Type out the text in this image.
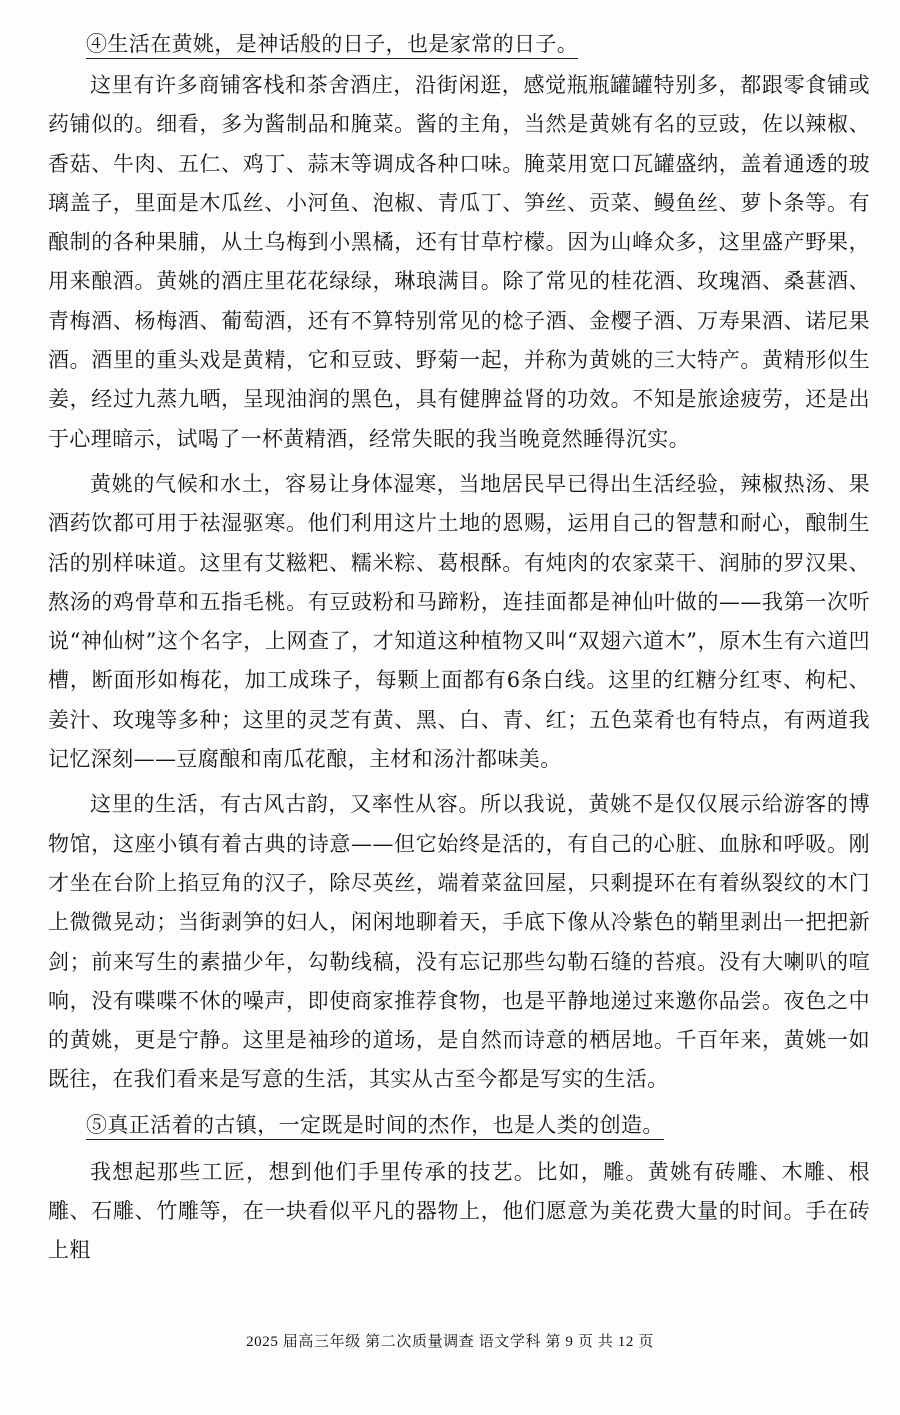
④生活在黄姚，是神话般的日子，也是家常的日子。

这里有许多商铺客栈和茶舍酒庄，沿街闲逛，感觉瓶瓶罐罐特别多，都跟零食铺或药铺似的。细看，多为酱制品和腌菜。酱的主角，当然是黄姚有名的豆豉，佐以辣椒、香菇、牛肉、五仁、鸡丁、蒜末等调成各种口味。腌菜用宽口瓦罐盛纳，盖着通透的玻璃盖子，里面是木瓜丝、小河鱼、泡椒、青瓜丁、笋丝、贡菜、鳗鱼丝、萝卜条等。有酿制的各种果脯，从土乌梅到小黑橘，还有甘草柠檬。因为山峰众多，这里盛产野果，用来酿酒。黄姚的酒庄里花花绿绿，琳琅满目。除了常见的桂花酒、玫瑰酒、桑葚酒、青梅酒、杨梅酒、葡萄酒，还有不算特别常见的棯子酒、金樱子酒、万寿果酒、诺尼果酒。酒里的重头戏是黄精，它和豆豉、野菊一起，并称为黄姚的三大特产。黄精形似生姜，经过九蒸九晒，呈现油润的黑色，具有健脾益肾的功效。不知是旅途疲劳，还是出于心理暗示，试喝了一杯黄精酒，经常失眠的我当晚竟然睡得沉实。

黄姚的气候和水土，容易让身体湿寒，当地居民早已得出生活经验，辣椒热汤、果酒药饮都可用于祛湿驱寒。他们利用这片土地的恩赐，运用自己的智慧和耐心，酿制生活的别样味道。这里有艾糍粑、糯米粽、葛根酥。有炖肉的农家菜干、润肺的罗汉果、熬汤的鸡骨草和五指毛桃。有豆豉粉和马蹄粉，连挂面都是神仙叶做的——我第一次听说“神仙树”这个名字，上网查了，才知道这种植物又叫“双翅六道木”，原木生有六道凹槽，断面形如梅花，加工成珠子，每颗上面都有6条白线。这里的红糖分红枣、枸杞、姜汁、玫瑰等多种；这里的灵芝有黄、黑、白、青、红；五色菜肴也有特点，有两道我记忆深刻——豆腐酿和南瓜花酿，主材和汤汁都味美。

这里的生活，有古风古韵，又率性从容。所以我说，黄姚不是仅仅展示给游客的博物馆，这座小镇有着古典的诗意——但它始终是活的，有自己的心脏、血脉和呼吸。刚才坐在台阶上掐豆角的汉子，除尽英丝，端着菜盆回屋，只剩提环在有着纵裂纹的木门上微微晃动；当街剥笋的妇人，闲闲地聊着天，手底下像从冷紫色的鞘里剥出一把把新剑；前来写生的素描少年，勾勒线稿，没有忘记那些勾勒石缝的苔痕。没有大喇叭的喧响，没有喋喋不休的噪声，即使商家推荐食物，也是平静地递过来邀你品尝。夜色之中的黄姚，更是宁静。这里是袖珍的道场，是自然而诗意的栖居地。千百年来，黄姚一如既往，在我们看来是写意的生活，其实从古至今都是写实的生活。

⑤真正活着的古镇，一定既是时间的杰作，也是人类的创造。

我想起那些工匠，想到他们手里传承的技艺。比如，雕。黄姚有砖雕、木雕、根雕、石雕、竹雕等，在一块看似平凡的器物上，他们愿意为美花费大量的时间。手在砖上粗

2025 届高三年级 第二次质量调查 语文学科 第 9 页 共 12 页
